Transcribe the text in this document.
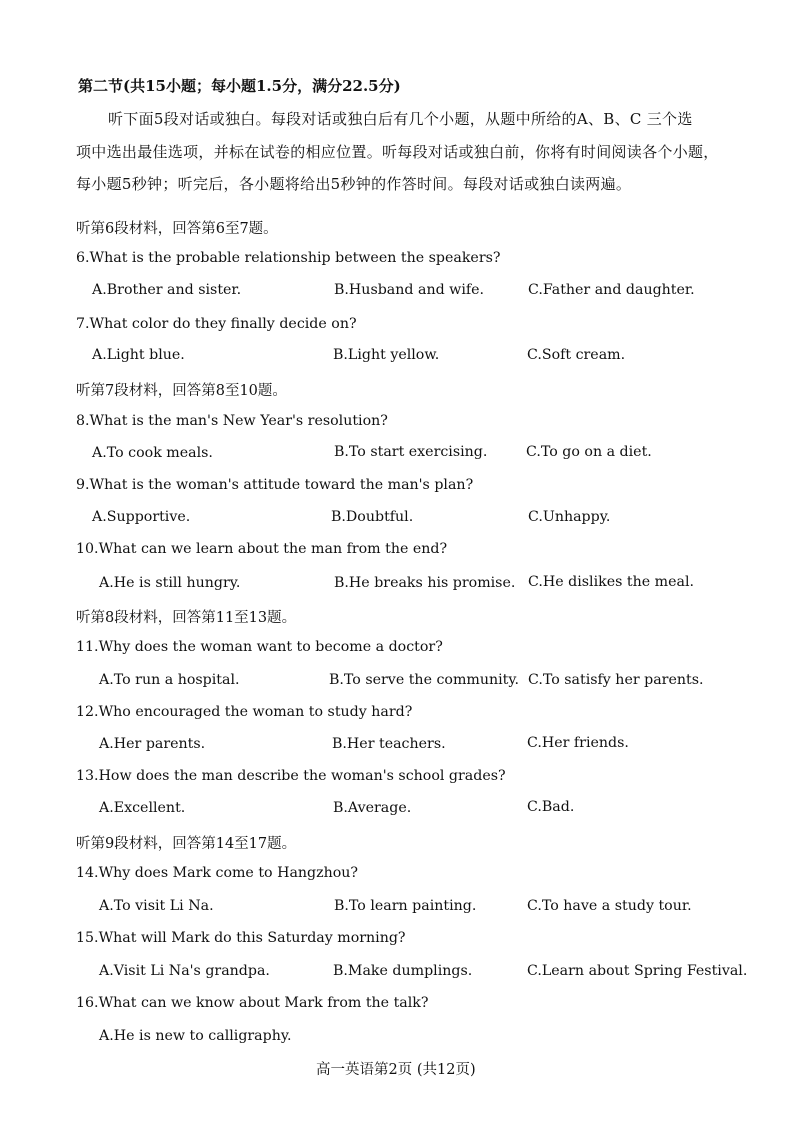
第二节(共15小题；每小题1.5分，满分22.5分)
听下面5段对话或独白。每段对话或独白后有几个小题，从题中所给的A、B、C 三个选
项中选出最佳选项，并标在试卷的相应位置。听每段对话或独白前，你将有时间阅读各个小题，
每小题5秒钟；听完后，各小题将给出5秒钟的作答时间。每段对话或独白读两遍。
听第6段材料，回答第6至7题。
6.What is the probable relationship between the speakers?
A.Brother and sister.	B.Husband and wife.	C.Father and daughter.
7.What color do they finally decide on?
A.Light blue.	B.Light yellow.	C.Soft cream.
听第7段材料，回答第8至10题。
8.What is the man's New Year's resolution?
A.To cook meals.	B.To start exercising.	C.To go on a diet.
9.What is the woman's attitude toward the man's plan?
A.Supportive.	B.Doubtful.	C.Unhappy.
10.What can we learn about the man from the end?
A.He is still hungry.	B.He breaks his promise. C.He dislikes the meal.
听第8段材料，回答第11至13题。
11.Why does the woman want to become a doctor?
A.To run a hospital.	B.To serve the community. C.To satisfy her parents.
12.Who encouraged the woman to study hard?
A.Her parents.	B.Her teachers.	C.Her friends.
13.How does the man describe the woman's school grades?
A.Excellent.	B.Average.	C.Bad.
听第9段材料，回答第14至17题。
14.Why does Mark come to Hangzhou?
A.To visit Li Na.	B.To learn painting.	C.To have a study tour.
15.What will Mark do this Saturday morning?
A.Visit Li Na's grandpa.	B.Make dumplings.	C.Learn about Spring Festival.
16.What can we know about Mark from the talk?
A.He is new to calligraphy.
高一英语第2页 (共12页)
